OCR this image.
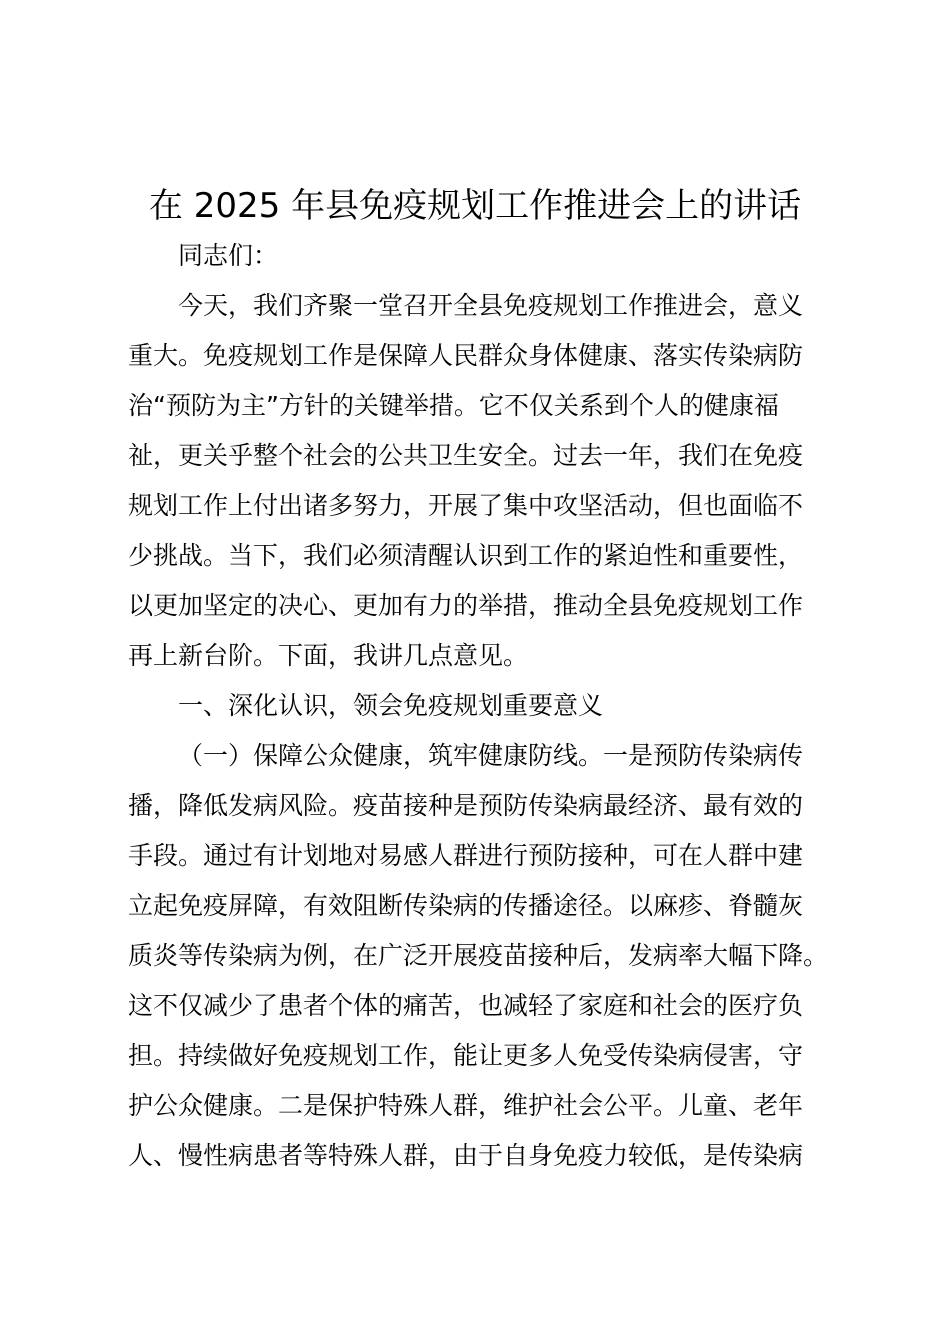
在 2025 年县免疫规划工作推进会上的讲话
同志们：
今天，我们齐聚一堂召开全县免疫规划工作推进会，意义
重大。免疫规划工作是保障人民群众身体健康、落实传染病防
治“预防为主”方针的关键举措。它不仅关系到个人的健康福
祉，更关乎整个社会的公共卫生安全。过去一年，我们在免疫
规划工作上付出诸多努力，开展了集中攻坚活动，但也面临不
少挑战。当下，我们必须清醒认识到工作的紧迫性和重要性，
以更加坚定的决心、更加有力的举措，推动全县免疫规划工作
再上新台阶。下面，我讲几点意见。
一、深化认识，领会免疫规划重要意义
（一）保障公众健康，筑牢健康防线。一是预防传染病传
播，降低发病风险。疫苗接种是预防传染病最经济、最有效的
手段。通过有计划地对易感人群进行预防接种，可在人群中建
立起免疫屏障，有效阻断传染病的传播途径。以麻疹、脊髓灰
质炎等传染病为例，在广泛开展疫苗接种后，发病率大幅下降。
这不仅减少了患者个体的痛苦，也减轻了家庭和社会的医疗负
担。持续做好免疫规划工作，能让更多人免受传染病侵害，守
护公众健康。二是保护特殊人群，维护社会公平。儿童、老年
人、慢性病患者等特殊人群，由于自身免疫力较低，是传染病
